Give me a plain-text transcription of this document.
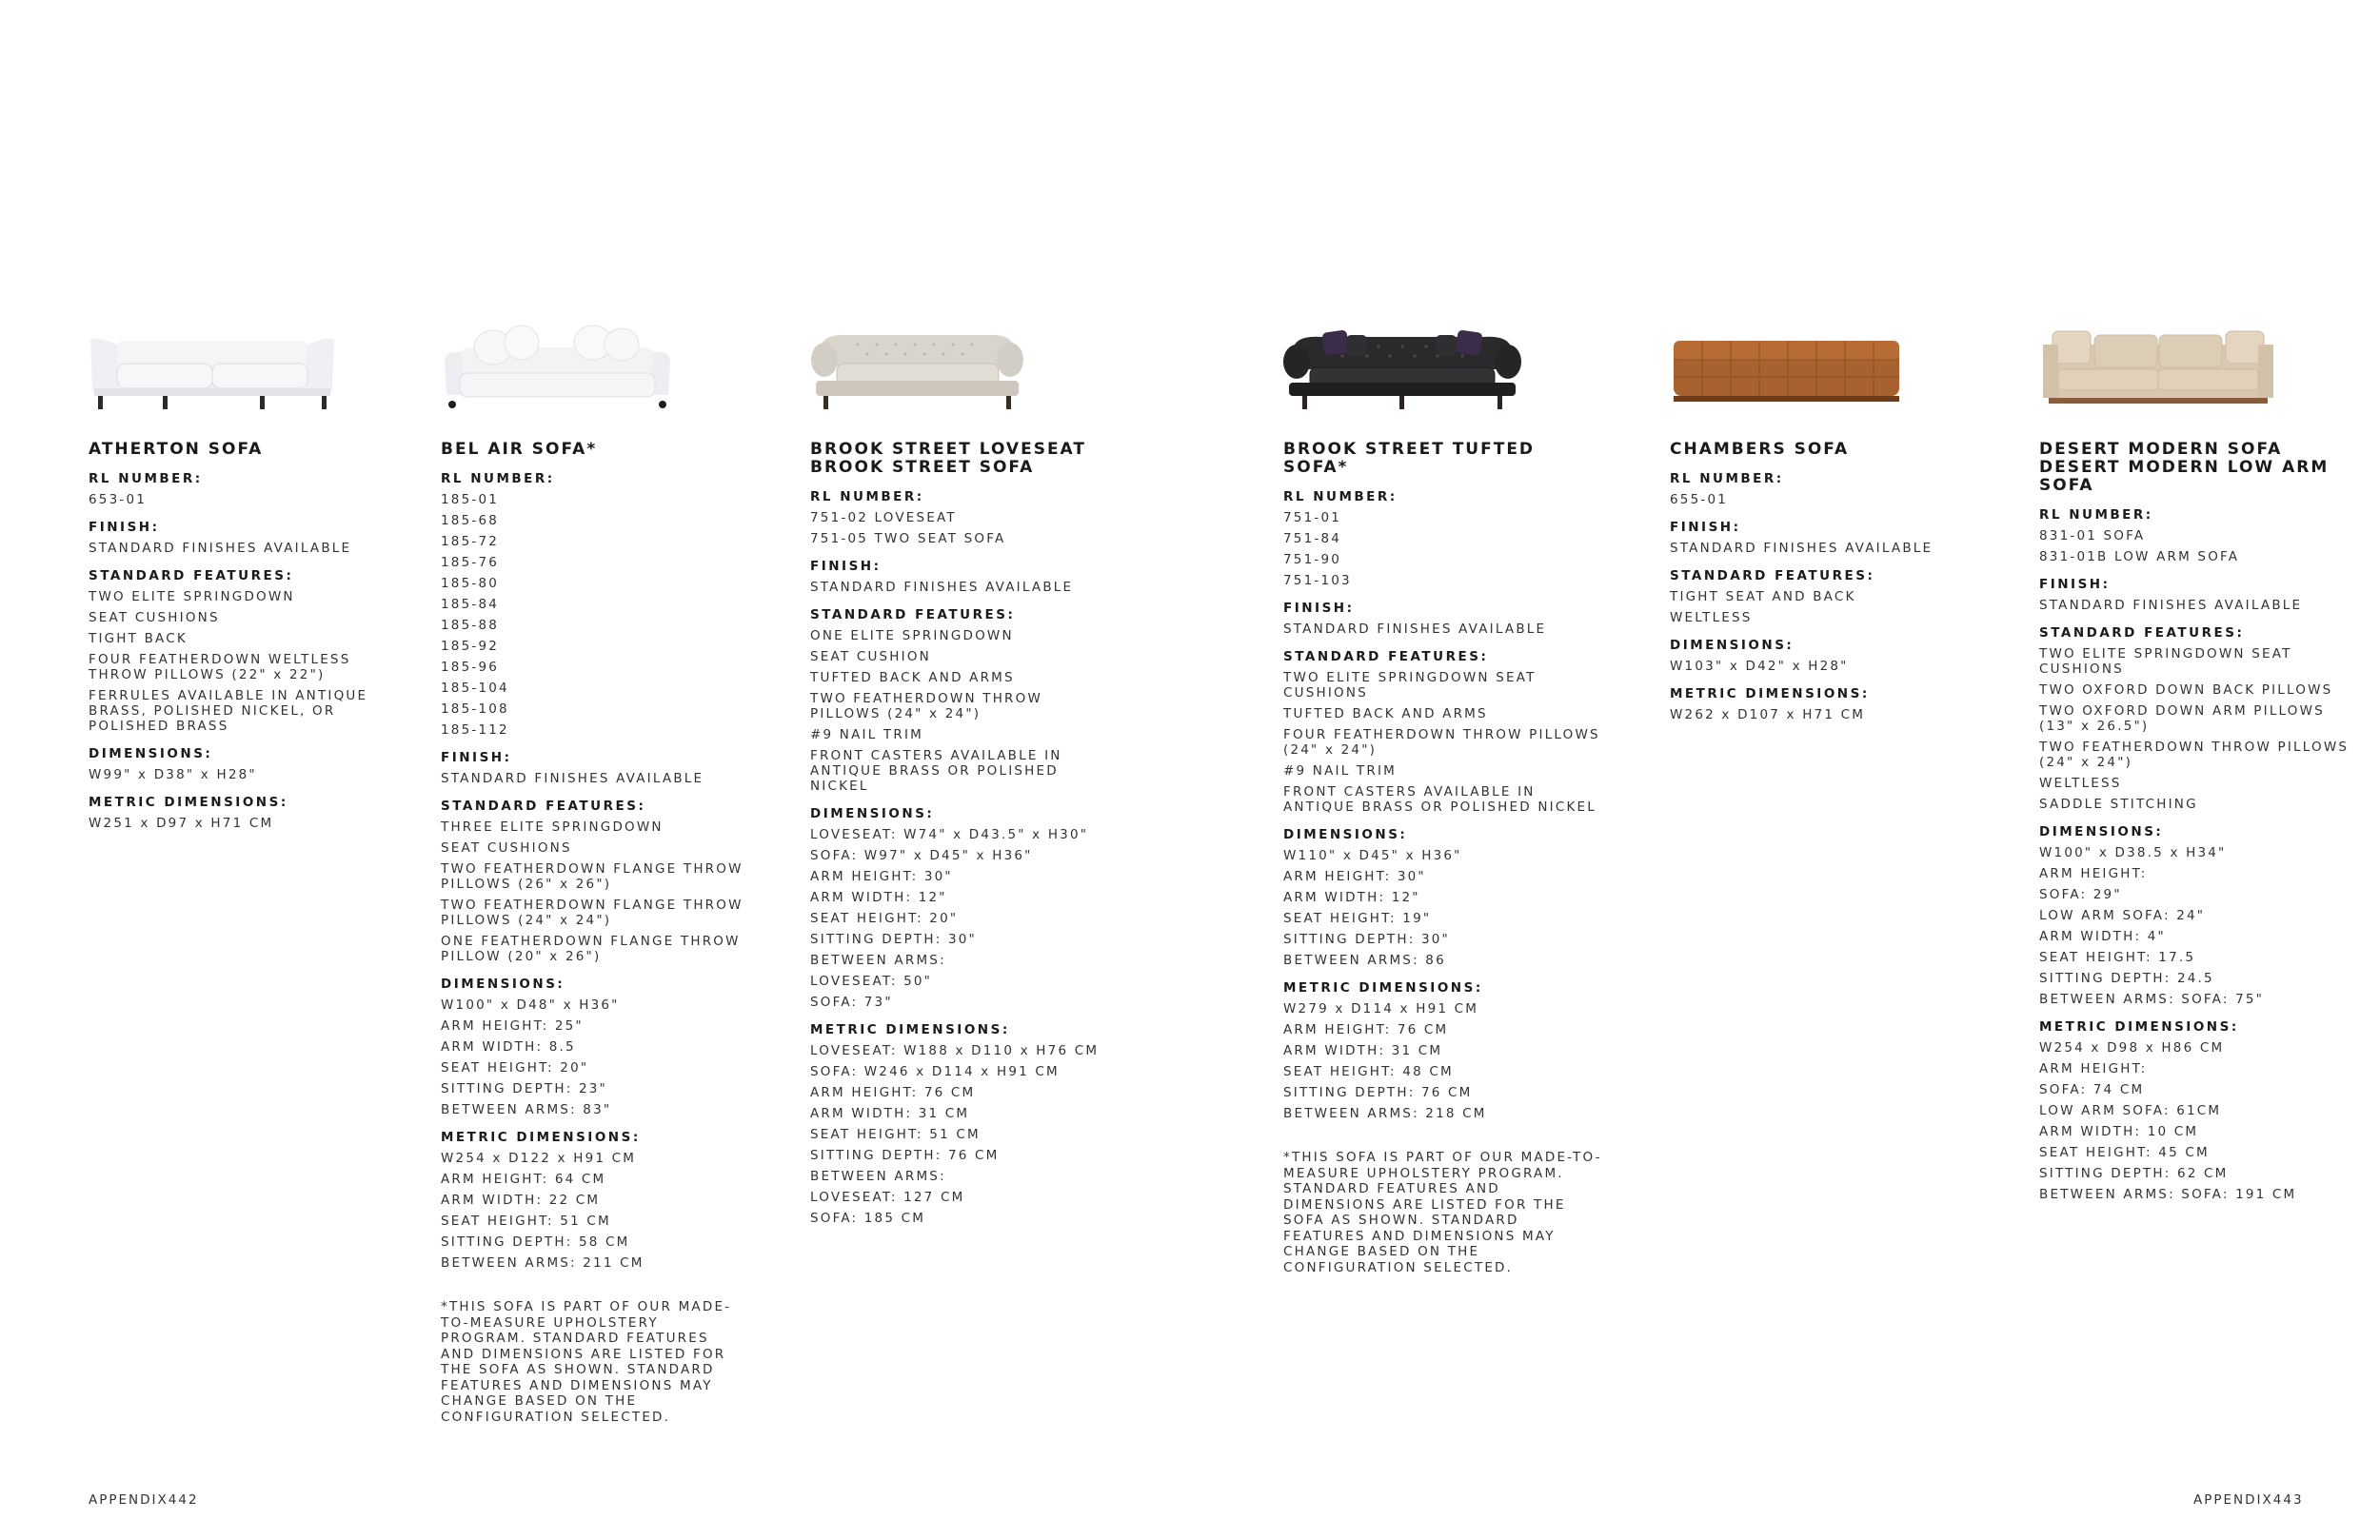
ATHERTON SOFA
RL NUMBER:
653-01
FINISH:
STANDARD FINISHES AVAILABLE
STANDARD FEATURES:
TWO ELITE SPRINGDOWN
SEAT CUSHIONS
TIGHT BACK
FOUR FEATHERDOWN WELTLESS THROW PILLOWS (22" x 22")
FERRULES AVAILABLE IN ANTIQUE BRASS, POLISHED NICKEL, OR POLISHED BRASS
DIMENSIONS:
W99" x D38" x H28"
METRIC DIMENSIONS:
W251 x D97 x H71 CM
BEL AIR SOFA*
RL NUMBER:
185-01
185-68
185-72
185-76
185-80
185-84
185-88
185-92
185-96
185-104
185-108
185-112
FINISH:
STANDARD FINISHES AVAILABLE
STANDARD FEATURES:
THREE ELITE SPRINGDOWN
SEAT CUSHIONS
TWO FEATHERDOWN FLANGE THROW PILLOWS (26" x 26")
TWO FEATHERDOWN FLANGE THROW PILLOWS (24" x 24")
ONE FEATHERDOWN FLANGE THROW PILLOW (20" x 26")
DIMENSIONS:
W100" x D48" x H36"
ARM HEIGHT: 25"
ARM WIDTH: 8.5
SEAT HEIGHT: 20"
SITTING DEPTH: 23"
BETWEEN ARMS: 83"
METRIC DIMENSIONS:
W254 x D122 x H91 CM
ARM HEIGHT: 64 CM
ARM WIDTH: 22 CM
SEAT HEIGHT: 51 CM
SITTING DEPTH: 58 CM
BETWEEN ARMS: 211 CM
*THIS SOFA IS PART OF OUR MADE-TO-MEASURE UPHOLSTERY PROGRAM. STANDARD FEATURES AND DIMENSIONS ARE LISTED FOR THE SOFA AS SHOWN. STANDARD FEATURES AND DIMENSIONS MAY CHANGE BASED ON THE CONFIGURATION SELECTED.
BROOK STREET LOVESEAT
BROOK STREET SOFA
RL NUMBER:
751-02 LOVESEAT
751-05 TWO SEAT SOFA
FINISH:
STANDARD FINISHES AVAILABLE
STANDARD FEATURES:
ONE ELITE SPRINGDOWN
SEAT CUSHION
TUFTED BACK AND ARMS
TWO FEATHERDOWN THROW PILLOWS (24" x 24")
#9 NAIL TRIM
FRONT CASTERS AVAILABLE IN ANTIQUE BRASS OR POLISHED NICKEL
DIMENSIONS:
LOVESEAT: W74" x D43.5" x H30"
SOFA: W97" x D45" x H36"
ARM HEIGHT: 30"
ARM WIDTH: 12"
SEAT HEIGHT: 20"
SITTING DEPTH: 30"
BETWEEN ARMS:
LOVESEAT: 50"
SOFA: 73"
METRIC DIMENSIONS:
LOVESEAT: W188 x D110 x H76 CM
SOFA: W246 x D114 x H91 CM
ARM HEIGHT: 76 CM
ARM WIDTH: 31 CM
SEAT HEIGHT: 51 CM
SITTING DEPTH: 76 CM
BETWEEN ARMS:
LOVESEAT: 127 CM
SOFA: 185 CM
BROOK STREET TUFTED SOFA*
RL NUMBER:
751-01
751-84
751-90
751-103
FINISH:
STANDARD FINISHES AVAILABLE
STANDARD FEATURES:
TWO ELITE SPRINGDOWN SEAT CUSHIONS
TUFTED BACK AND ARMS
FOUR FEATHERDOWN THROW PILLOWS (24" x 24")
#9 NAIL TRIM
FRONT CASTERS AVAILABLE IN ANTIQUE BRASS OR POLISHED NICKEL
DIMENSIONS:
W110" x D45" x H36"
ARM HEIGHT: 30"
ARM WIDTH: 12"
SEAT HEIGHT: 19"
SITTING DEPTH: 30"
BETWEEN ARMS: 86
METRIC DIMENSIONS:
W279 x D114 x H91 CM
ARM HEIGHT: 76 CM
ARM WIDTH: 31 CM
SEAT HEIGHT: 48 CM
SITTING DEPTH: 76 CM
BETWEEN ARMS: 218 CM
*THIS SOFA IS PART OF OUR MADE-TO-MEASURE UPHOLSTERY PROGRAM. STANDARD FEATURES AND DIMENSIONS ARE LISTED FOR THE SOFA AS SHOWN. STANDARD FEATURES AND DIMENSIONS MAY CHANGE BASED ON THE CONFIGURATION SELECTED.
CHAMBERS SOFA
RL NUMBER:
655-01
FINISH:
STANDARD FINISHES AVAILABLE
STANDARD FEATURES:
TIGHT SEAT AND BACK
WELTLESS
DIMENSIONS:
W103" x D42" x H28"
METRIC DIMENSIONS:
W262 x D107 x H71 CM
DESERT MODERN SOFA
DESERT MODERN LOW ARM SOFA
RL NUMBER:
831-01 SOFA
831-01B LOW ARM SOFA
FINISH:
STANDARD FINISHES AVAILABLE
STANDARD FEATURES:
TWO ELITE SPRINGDOWN SEAT CUSHIONS
TWO OXFORD DOWN BACK PILLOWS
TWO OXFORD DOWN ARM PILLOWS (13" x 26.5")
TWO FEATHERDOWN THROW PILLOWS (24" x 24")
WELTLESS
SADDLE STITCHING
DIMENSIONS:
W100" x D38.5 x H34"
ARM HEIGHT:
SOFA: 29"
LOW ARM SOFA: 24"
ARM WIDTH: 4"
SEAT HEIGHT: 17.5
SITTING DEPTH: 24.5
BETWEEN ARMS: SOFA: 75"
METRIC DIMENSIONS:
W254 x D98 x H86 CM
ARM HEIGHT:
SOFA: 74 CM
LOW ARM SOFA: 61CM
ARM WIDTH: 10 CM
SEAT HEIGHT: 45 CM
SITTING DEPTH: 62 CM
BETWEEN ARMS: SOFA: 191 CM
APPENDIX442	APPENDIX443
